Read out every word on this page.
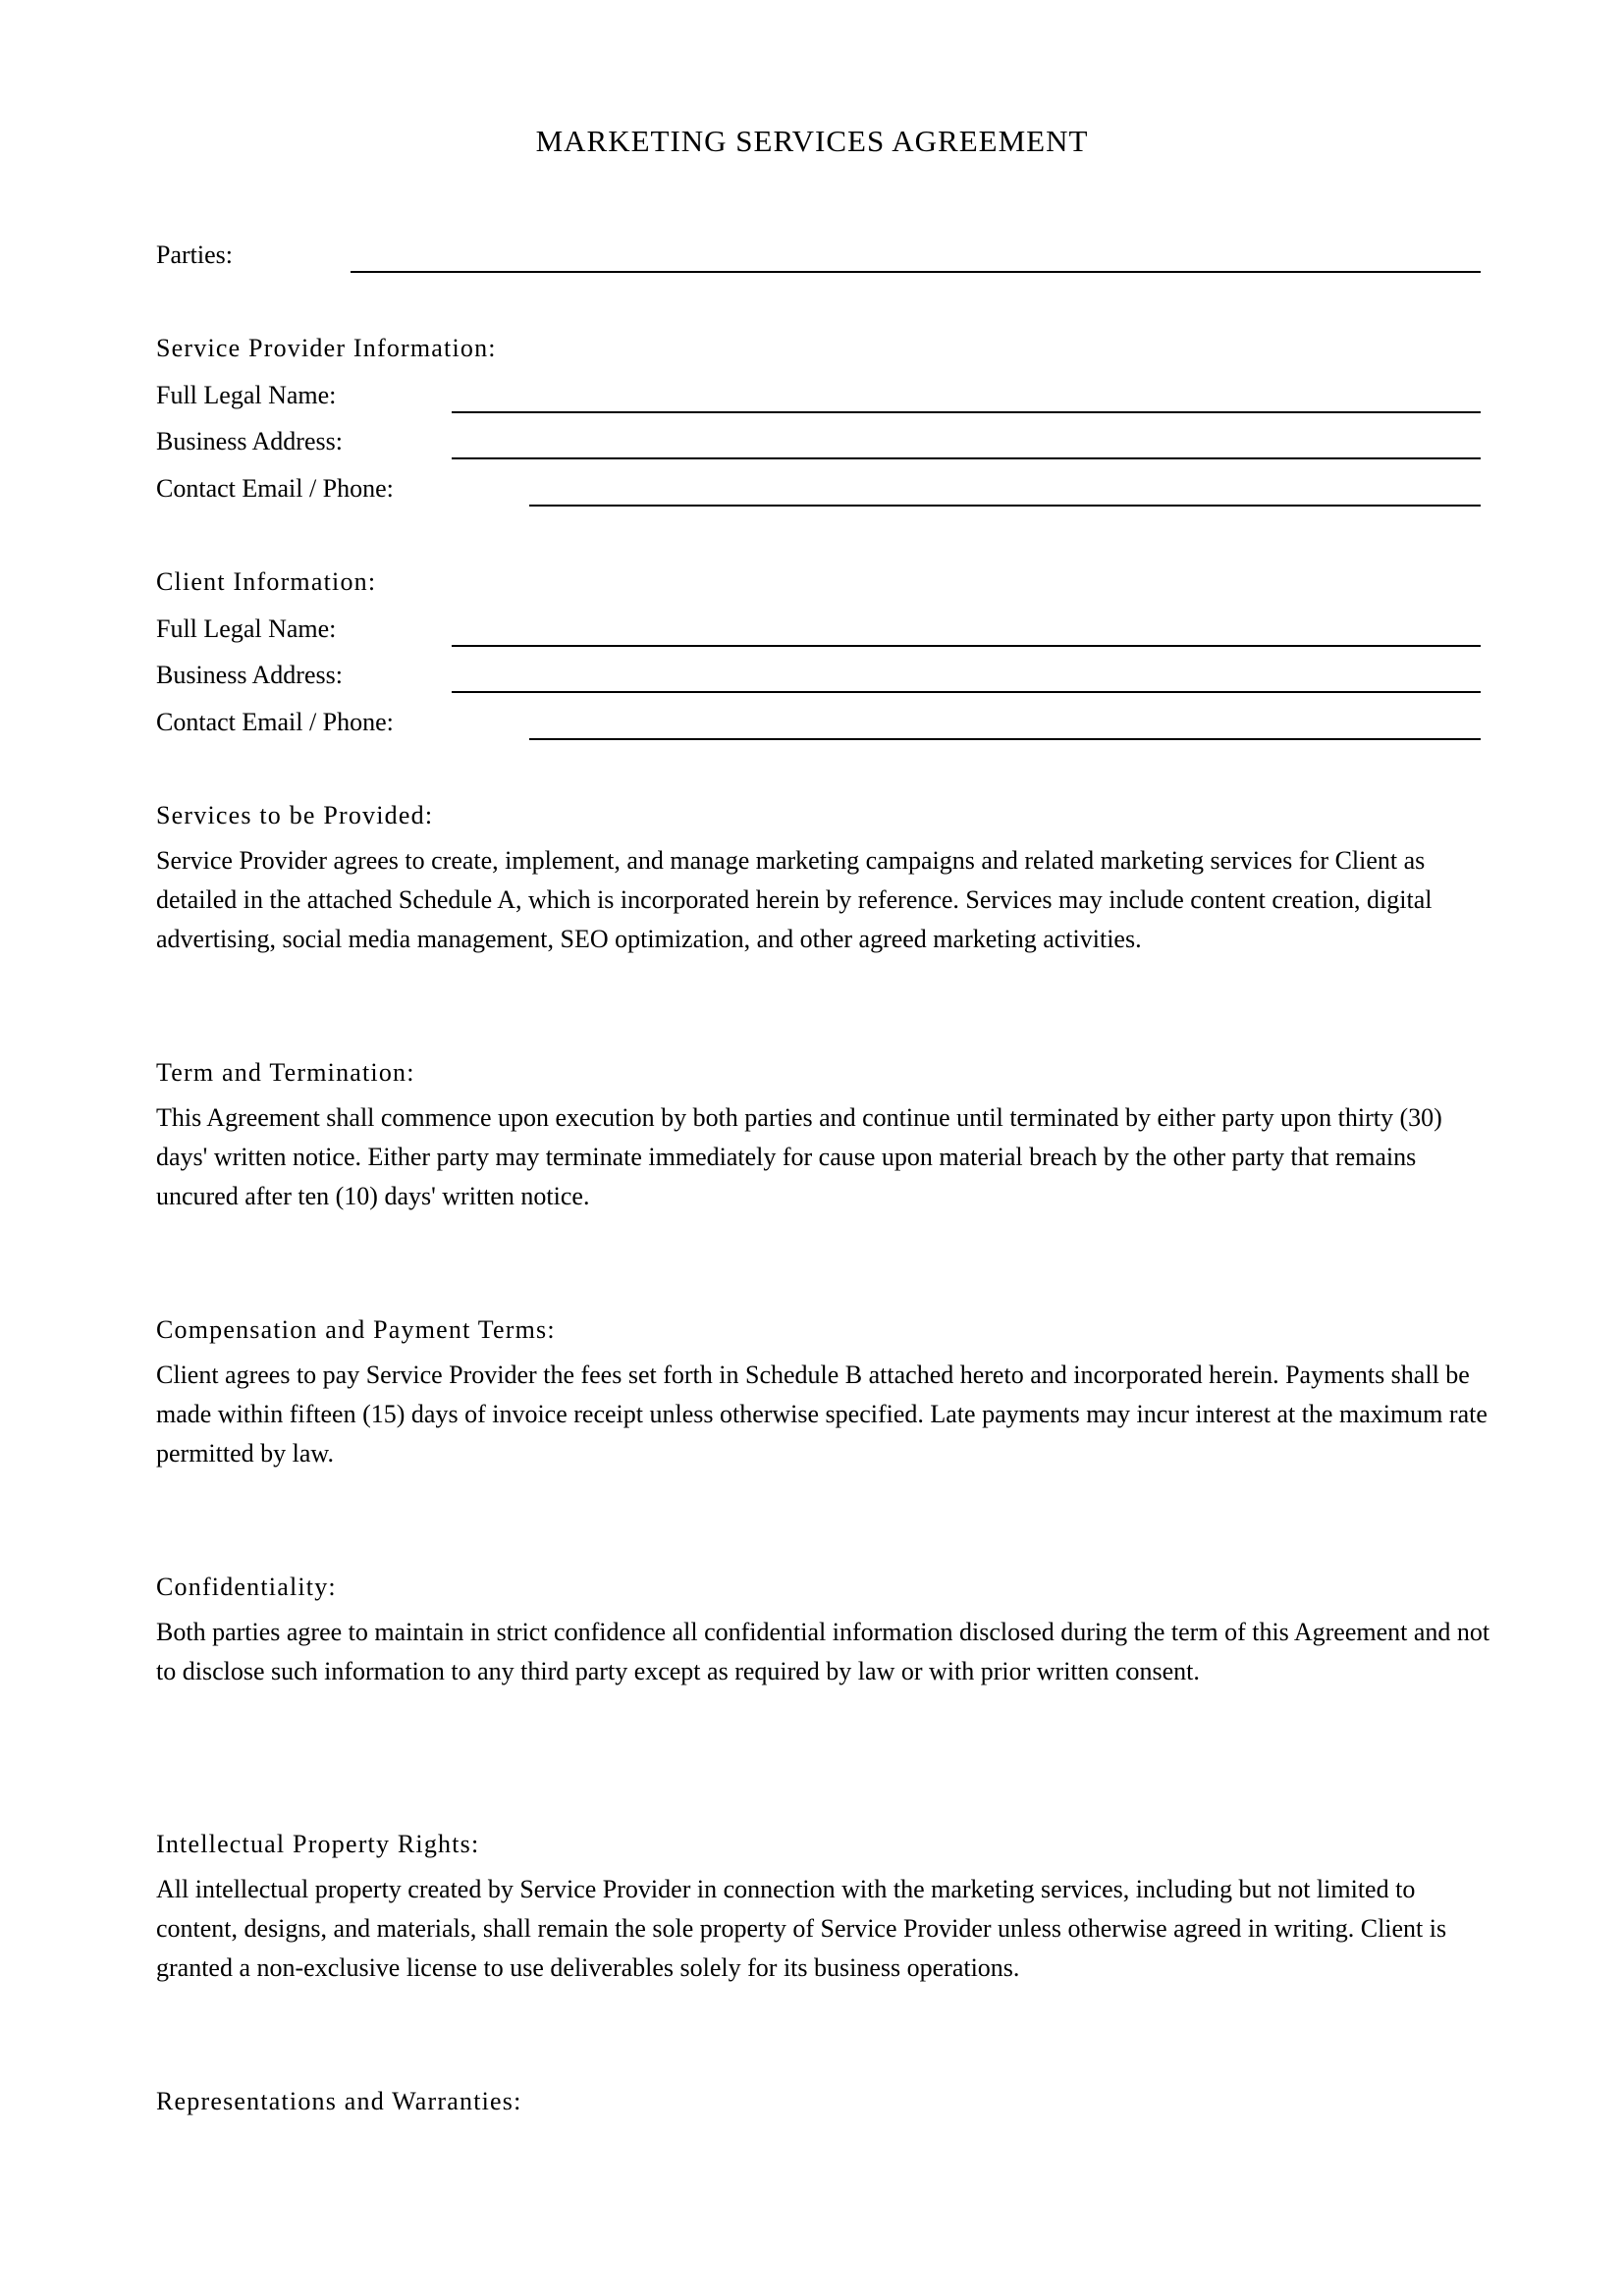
MARKETING SERVICES AGREEMENT
Parties:
Service Provider Information:
Full Legal Name:
Business Address:
Contact Email / Phone:
Client Information:
Full Legal Name:
Business Address:
Contact Email / Phone:
Services to be Provided:
Service Provider agrees to create, implement, and manage marketing campaigns and related marketing services for Client as detailed in the attached Schedule A, which is incorporated herein by reference. Services may include content creation, digital advertising, social media management, SEO optimization, and other agreed marketing activities.
Term and Termination:
This Agreement shall commence upon execution by both parties and continue until terminated by either party upon thirty (30) days' written notice. Either party may terminate immediately for cause upon material breach by the other party that remains uncured after ten (10) days' written notice.
Compensation and Payment Terms:
Client agrees to pay Service Provider the fees set forth in Schedule B attached hereto and incorporated herein. Payments shall be made within fifteen (15) days of invoice receipt unless otherwise specified. Late payments may incur interest at the maximum rate permitted by law.
Confidentiality:
Both parties agree to maintain in strict confidence all confidential information disclosed during the term of this Agreement and not to disclose such information to any third party except as required by law or with prior written consent.
Intellectual Property Rights:
All intellectual property created by Service Provider in connection with the marketing services, including but not limited to content, designs, and materials, shall remain the sole property of Service Provider unless otherwise agreed in writing. Client is granted a non-exclusive license to use deliverables solely for its business operations.
Representations and Warranties:
